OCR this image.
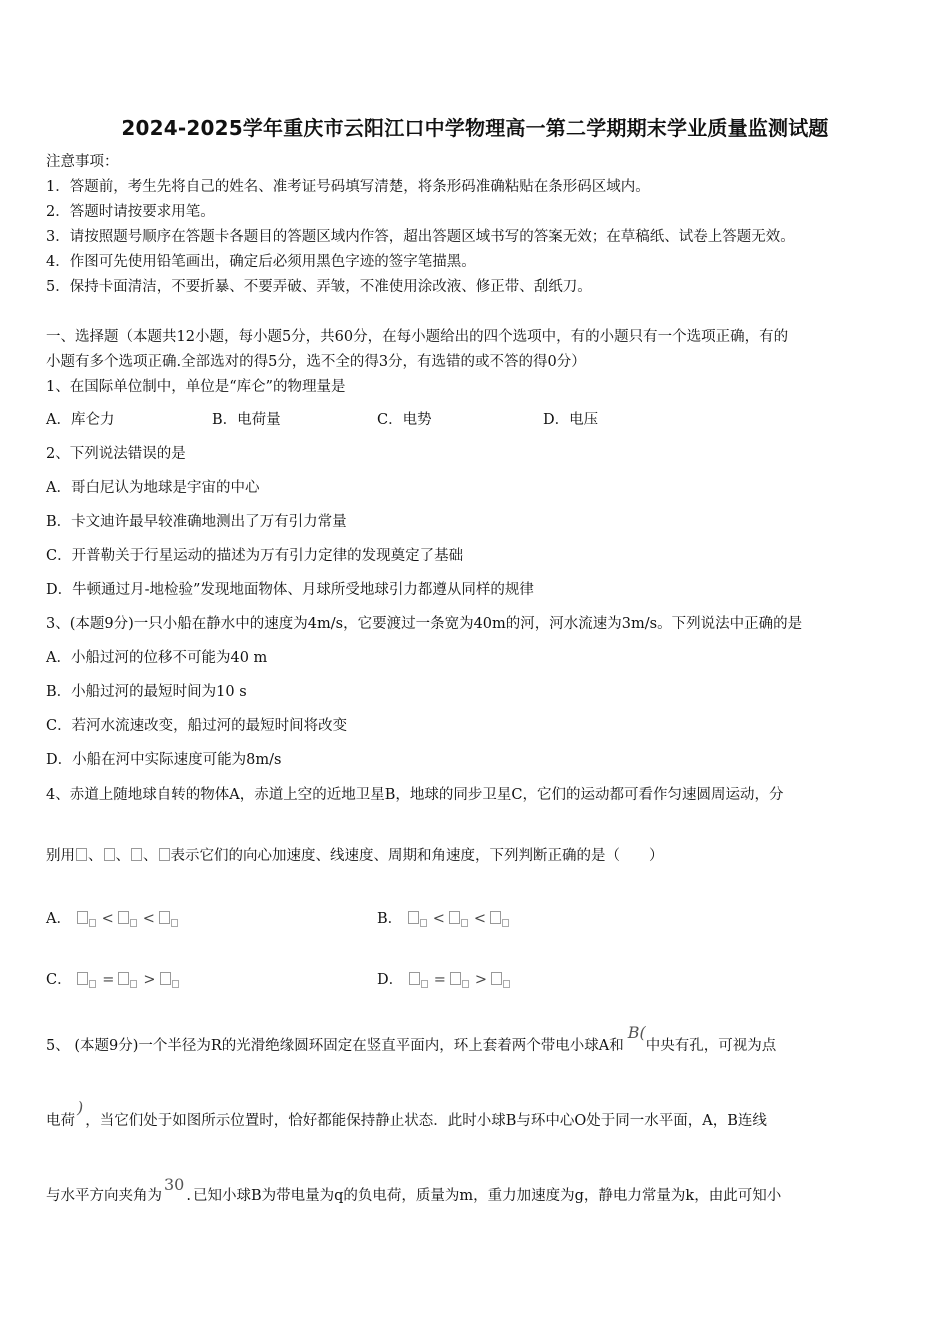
2024-2025学年重庆市云阳江口中学物理高一第二学期期末学业质量监测试题
注意事项：
1．答题前，考生先将自己的姓名、准考证号码填写清楚，将条形码准确粘贴在条形码区域内。
2．答题时请按要求用笔。
3．请按照题号顺序在答题卡各题目的答题区域内作答，超出答题区域书写的答案无效；在草稿纸、试卷上答题无效。
4．作图可先使用铅笔画出，确定后必须用黑色字迹的签字笔描黑。
5．保持卡面清洁，不要折暴、不要弄破、弄皱，不准使用涂改液、修正带、刮纸刀。
一、选择题（本题共12小题，每小题5分，共60分，在每小题给出的四个选项中，有的小题只有一个选项正确，有的
小题有多个选项正确.全部选对的得5分，选不全的得3分，有选错的或不答的得0分）
1、在国际单位制中，单位是“库仑”的物理量是
A．库仑力	B．电荷量	C．电势	D．电压
2、下列说法错误的是
A．哥白尼认为地球是宇宙的中心
B．卡文迪许最早较准确地测出了万有引力常量
C．开普勒关于行星运动的描述为万有引力定律的发现奠定了基础
D．牛顿通过月-地检验”发现地面物体、月球所受地球引力都遵从同样的规律
3、(本题9分)一只小船在静水中的速度为4m/s，它要渡过一条宽为40m的河，河水流速为3m/s。下列说法中正确的是
A．小船过河的位移不可能为40 m
B．小船过河的最短时间为10 s
C．若河水流速改变，船过河的最短时间将改变
D．小船在河中实际速度可能为8m/s
4、赤道上随地球自转的物体A，赤道上空的近地卫星B，地球的同步卫星C，它们的运动都可看作匀速圆周运动，分
别用 、 、 、 表示它们的向心加速度、线速度、周期和角速度，下列判断正确的是（　　）
A． < <	B． < <
C． = >	D． = >
5、 (本题9分)一个半径为R的光滑绝缘圆环固定在竖直平面内，环上套着两个带电小球A和B(中央有孔，可视为点
电荷)，当它们处于如图所示位置时，恰好都能保持静止状态．此时小球B与环中心O处于同一水平面，A，B连线
与水平方向夹角为30. 已知小球B为带电量为q的负电荷，质量为m，重力加速度为g，静电力常量为k，由此可知小
